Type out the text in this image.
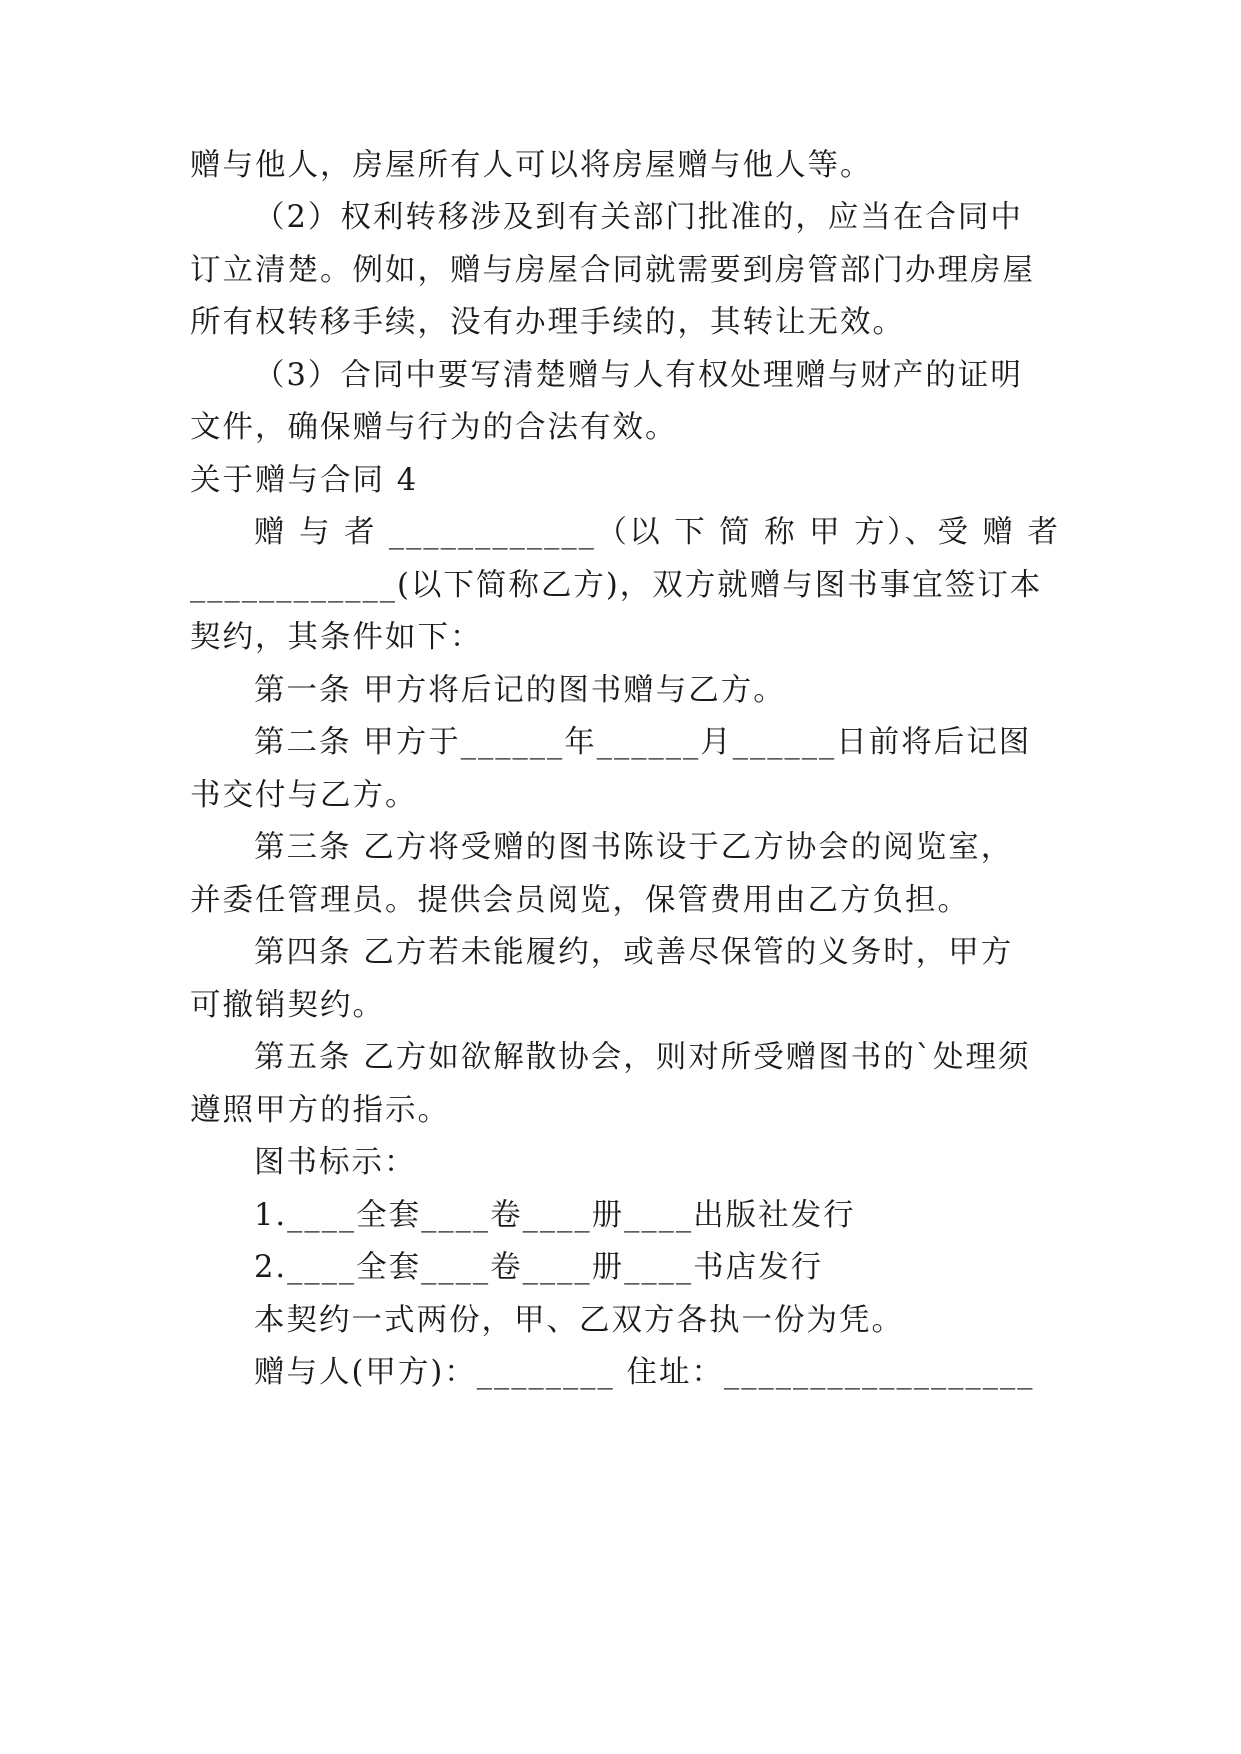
赠与他人，房屋所有人可以将房屋赠与他人等。
（2）权利转移涉及到有关部门批准的，应当在合同中
订立清楚。例如，赠与房屋合同就需要到房管部门办理房屋
所有权转移手续，没有办理手续的，其转让无效。
（3）合同中要写清楚赠与人有权处理赠与财产的证明
文件，确保赠与行为的合法有效。
关于赠与合同 4
赠 与 者 ____________（以 下 简 称 甲 方）、受 赠 者
____________(以下简称乙方)，双方就赠与图书事宜签订本
契约，其条件如下：
第一条 甲方将后记的图书赠与乙方。
第二条 甲方于______年______月______日前将后记图
书交付与乙方。
第三条 乙方将受赠的图书陈设于乙方协会的阅览室，
并委任管理员。提供会员阅览，保管费用由乙方负担。
第四条 乙方若未能履约，或善尽保管的义务时，甲方
可撤销契约。
第五条 乙方如欲解散协会，则对所受赠图书的`处理须
遵照甲方的指示。
图书标示：
1.____全套____卷____册____出版社发行
2.____全套____卷____册____书店发行
本契约一式两份，甲、乙双方各执一份为凭。
赠与人(甲方)：________ 住址：__________________
